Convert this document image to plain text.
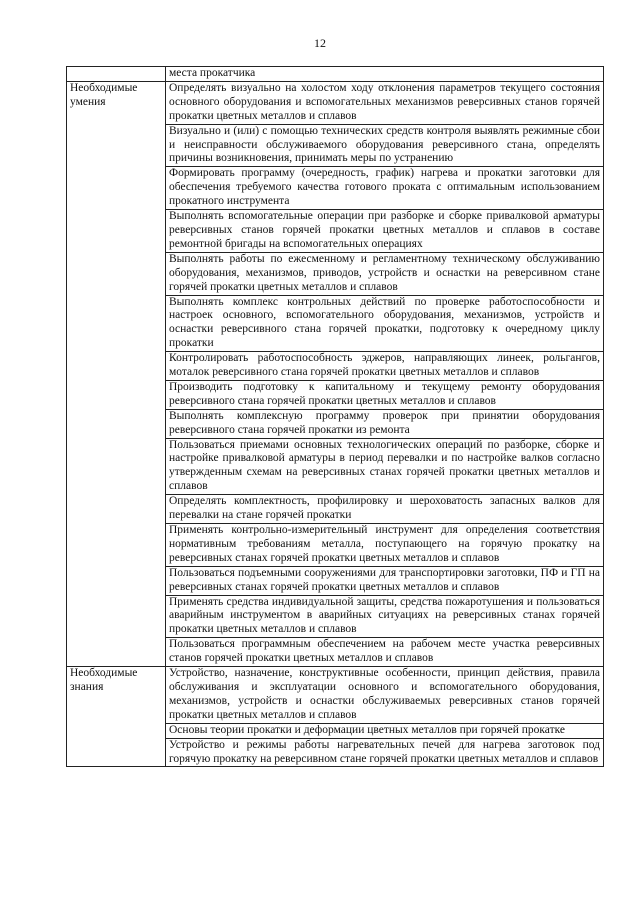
12
	места прокатчика
Необходимые умения	Определять визуально на холостом ходу отклонения параметров текущего состояния основного оборудования и вспомогательных механизмов реверсивных станов горячей прокатки цветных металлов и сплавов
	Визуально и (или) с помощью технических средств контроля выявлять режимные сбои и неисправности обслуживаемого оборудования реверсивного стана, определять причины возникновения, принимать меры по устранению
	Формировать программу (очередность, график) нагрева и прокатки заготовки для обеспечения требуемого качества готового проката с оптимальным использованием прокатного инструмента
	Выполнять вспомогательные операции при разборке и сборке привалковой арматуры реверсивных станов горячей прокатки цветных металлов и сплавов в составе ремонтной бригады на вспомогательных операциях
	Выполнять работы по ежесменному и регламентному техническому обслуживанию оборудования, механизмов, приводов, устройств и оснастки на реверсивном стане горячей прокатки цветных металлов и сплавов
	Выполнять комплекс контрольных действий по проверке работоспособности и настроек основного, вспомогательного оборудования, механизмов, устройств и оснастки реверсивного стана горячей прокатки, подготовку к очередному циклу прокатки
	Контролировать работоспособность эджеров, направляющих линеек, рольгангов, моталок реверсивного стана горячей прокатки цветных металлов и сплавов
	Производить подготовку к капитальному и текущему ремонту оборудования реверсивного стана горячей прокатки цветных металлов и сплавов
	Выполнять комплексную программу проверок при принятии оборудования реверсивного стана горячей прокатки из ремонта
	Пользоваться приемами основных технологических операций по разборке, сборке и настройке привалковой арматуры в период перевалки и по настройке валков согласно утвержденным схемам на реверсивных станах горячей прокатки цветных металлов и сплавов
	Определять комплектность, профилировку и шероховатость запасных валков для перевалки на стане горячей прокатки
	Применять контрольно-измерительный инструмент для определения соответствия нормативным требованиям металла, поступающего на горячую прокатку на реверсивных станах горячей прокатки цветных металлов и сплавов
	Пользоваться подъемными сооружениями для транспортировки заготовки, ПФ и ГП на реверсивных станах горячей прокатки цветных металлов и сплавов
	Применять средства индивидуальной защиты, средства пожаротушения и пользоваться аварийным инструментом в аварийных ситуациях на реверсивных станах горячей прокатки цветных металлов и сплавов
	Пользоваться программным обеспечением на рабочем месте участка реверсивных станов горячей прокатки цветных металлов и сплавов
Необходимые знания	Устройство, назначение, конструктивные особенности, принцип действия, правила обслуживания и эксплуатации основного и вспомогательного оборудования, механизмов, устройств и оснастки обслуживаемых реверсивных станов горячей прокатки цветных металлов и сплавов
	Основы теории прокатки и деформации цветных металлов при горячей прокатке
	Устройство и режимы работы нагревательных печей для нагрева заготовок под горячую прокатку на реверсивном стане горячей прокатки цветных металлов и сплавов
